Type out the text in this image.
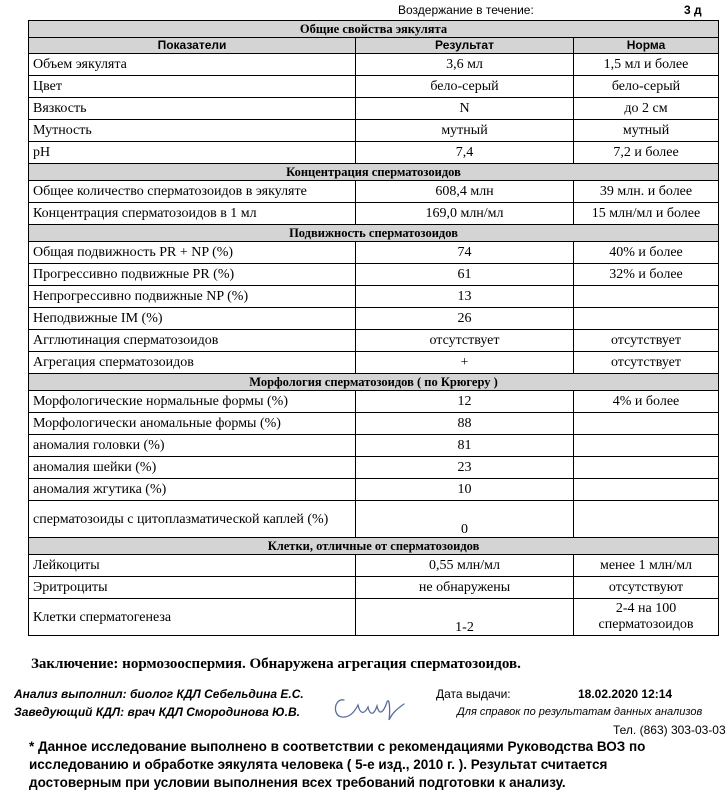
Воздержание в течение:	3 д
Общие свойства эякулята		
Показатели	Результат	Норма
Объем эякулята	3,6 мл	1,5 мл и более
Цвет	бело-серый	бело-серый
Вязкость	N	до 2 см
Мутность	мутный	мутный
pH	7,4	7,2 и более
Концентрация сперматозоидов		
Общее количество сперматозоидов в эякуляте	608,4 млн	39 млн. и более
Концентрация сперматозоидов в 1 мл	169,0 млн/мл	15 млн/мл и более
Подвижность сперматозоидов		
Общая подвижность PR + NP (%)	74	40% и более
Прогрессивно подвижные PR (%)	61	32% и более
Непрогрессивно подвижные NP (%)	13	
Неподвижные IM (%)	26	
Агглютинация сперматозоидов	отсутствует	отсутствует
Агрегация сперматозоидов	+	отсутствует
Морфология сперматозоидов ( по Крюгеру )		
Морфологические нормальные формы (%)	12	4% и более
Морфологически аномальные формы (%)	88	
аномалия головки (%)	81	
аномалия шейки (%)	23	
аномалия жгутика (%)	10	
сперматозоиды с цитоплазматической каплей (%)	0	
Клетки, отличные от сперматозоидов		
Лейкоциты	0,55 млн/мл	менее 1 млн/мл
Эритроциты	не обнаружены	отсутствуют
Клетки сперматогенеза	1-2	2-4 на 100 сперматозоидов
Заключение: нормозооспермия. Обнаружена агрегация сперматозоидов.
Анализ выполнил: биолог КДЛ Себельдина Е.С.
Заведующий КДЛ: врач КДЛ Смородинова Ю.В.
Дата выдачи:	18.02.2020 12:14
Для справок по результатам данных анализов
Тел. (863) 303-03-03
* Данное исследование выполнено в соответствии с рекомендациями Руководства ВОЗ по
исследованию и обработке эякулята человека ( 5-е изд., 2010 г. ). Результат считается
достоверным при условии выполнения всех требований подготовки к анализу.
